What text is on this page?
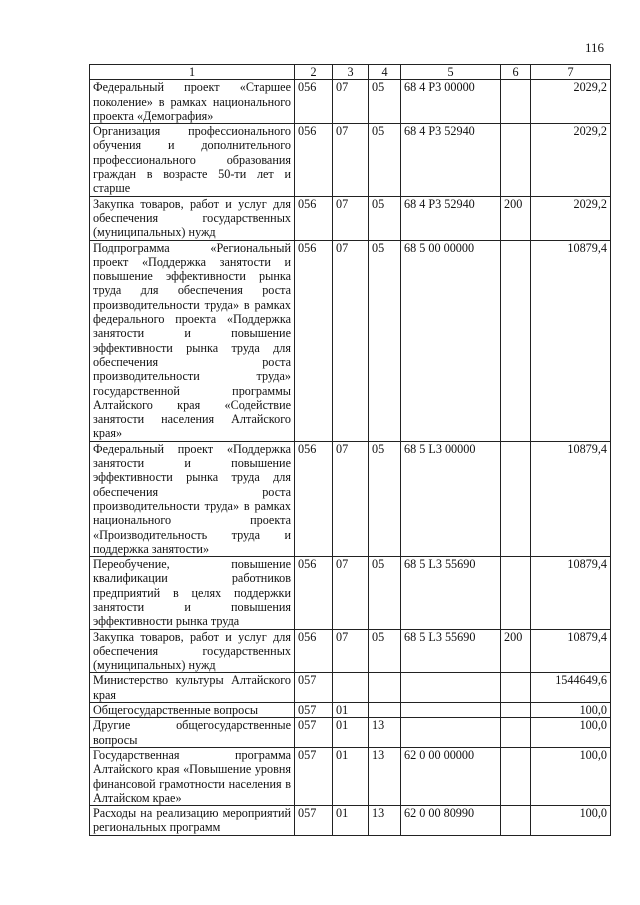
116
1	2	3	4	5	6	7
Федеральный проект «Старшее поколение» в рамках национального проекта «Демография»	056	07	05	68 4 P3 00000		2029,2
Организация профессионального обучения и дополнительного профессионального образования граждан в возрасте 50-ти лет и старше	056	07	05	68 4 P3 52940		2029,2
Закупка товаров, работ и услуг для обеспечения государственных (муниципальных) нужд	056	07	05	68 4 P3 52940	200	2029,2
Подпрограмма «Региональный проект «Поддержка занятости и повышение эффективности рынка труда для обеспечения роста производительности труда» в рамках федерального проекта «Поддержка занятости и повышение эффективности рынка труда для обеспечения роста производительности труда» государственной программы Алтайского края «Содействие занятости населения Алтайского края»	056	07	05	68 5 00 00000		10879,4
Федеральный проект «Поддержка занятости и повышение эффективности рынка труда для обеспечения роста производительности труда» в рамках национального проекта «Производительность труда и поддержка занятости»	056	07	05	68 5 L3 00000		10879,4
Переобучение, повышение квалификации работников предприятий в целях поддержки занятости и повышения эффективности рынка труда	056	07	05	68 5 L3 55690		10879,4
Закупка товаров, работ и услуг для обеспечения государственных (муниципальных) нужд	056	07	05	68 5 L3 55690	200	10879,4
Министерство культуры Алтайского края	057					1544649,6
Общегосударственные вопросы	057	01				100,0
Другие общегосударственные вопросы	057	01	13			100,0
Государственная программа Алтайского края «Повышение уровня финансовой грамотности населения в Алтайском крае»	057	01	13	62 0 00 00000		100,0
Расходы на реализацию мероприятий региональных программ	057	01	13	62 0 00 80990		100,0
